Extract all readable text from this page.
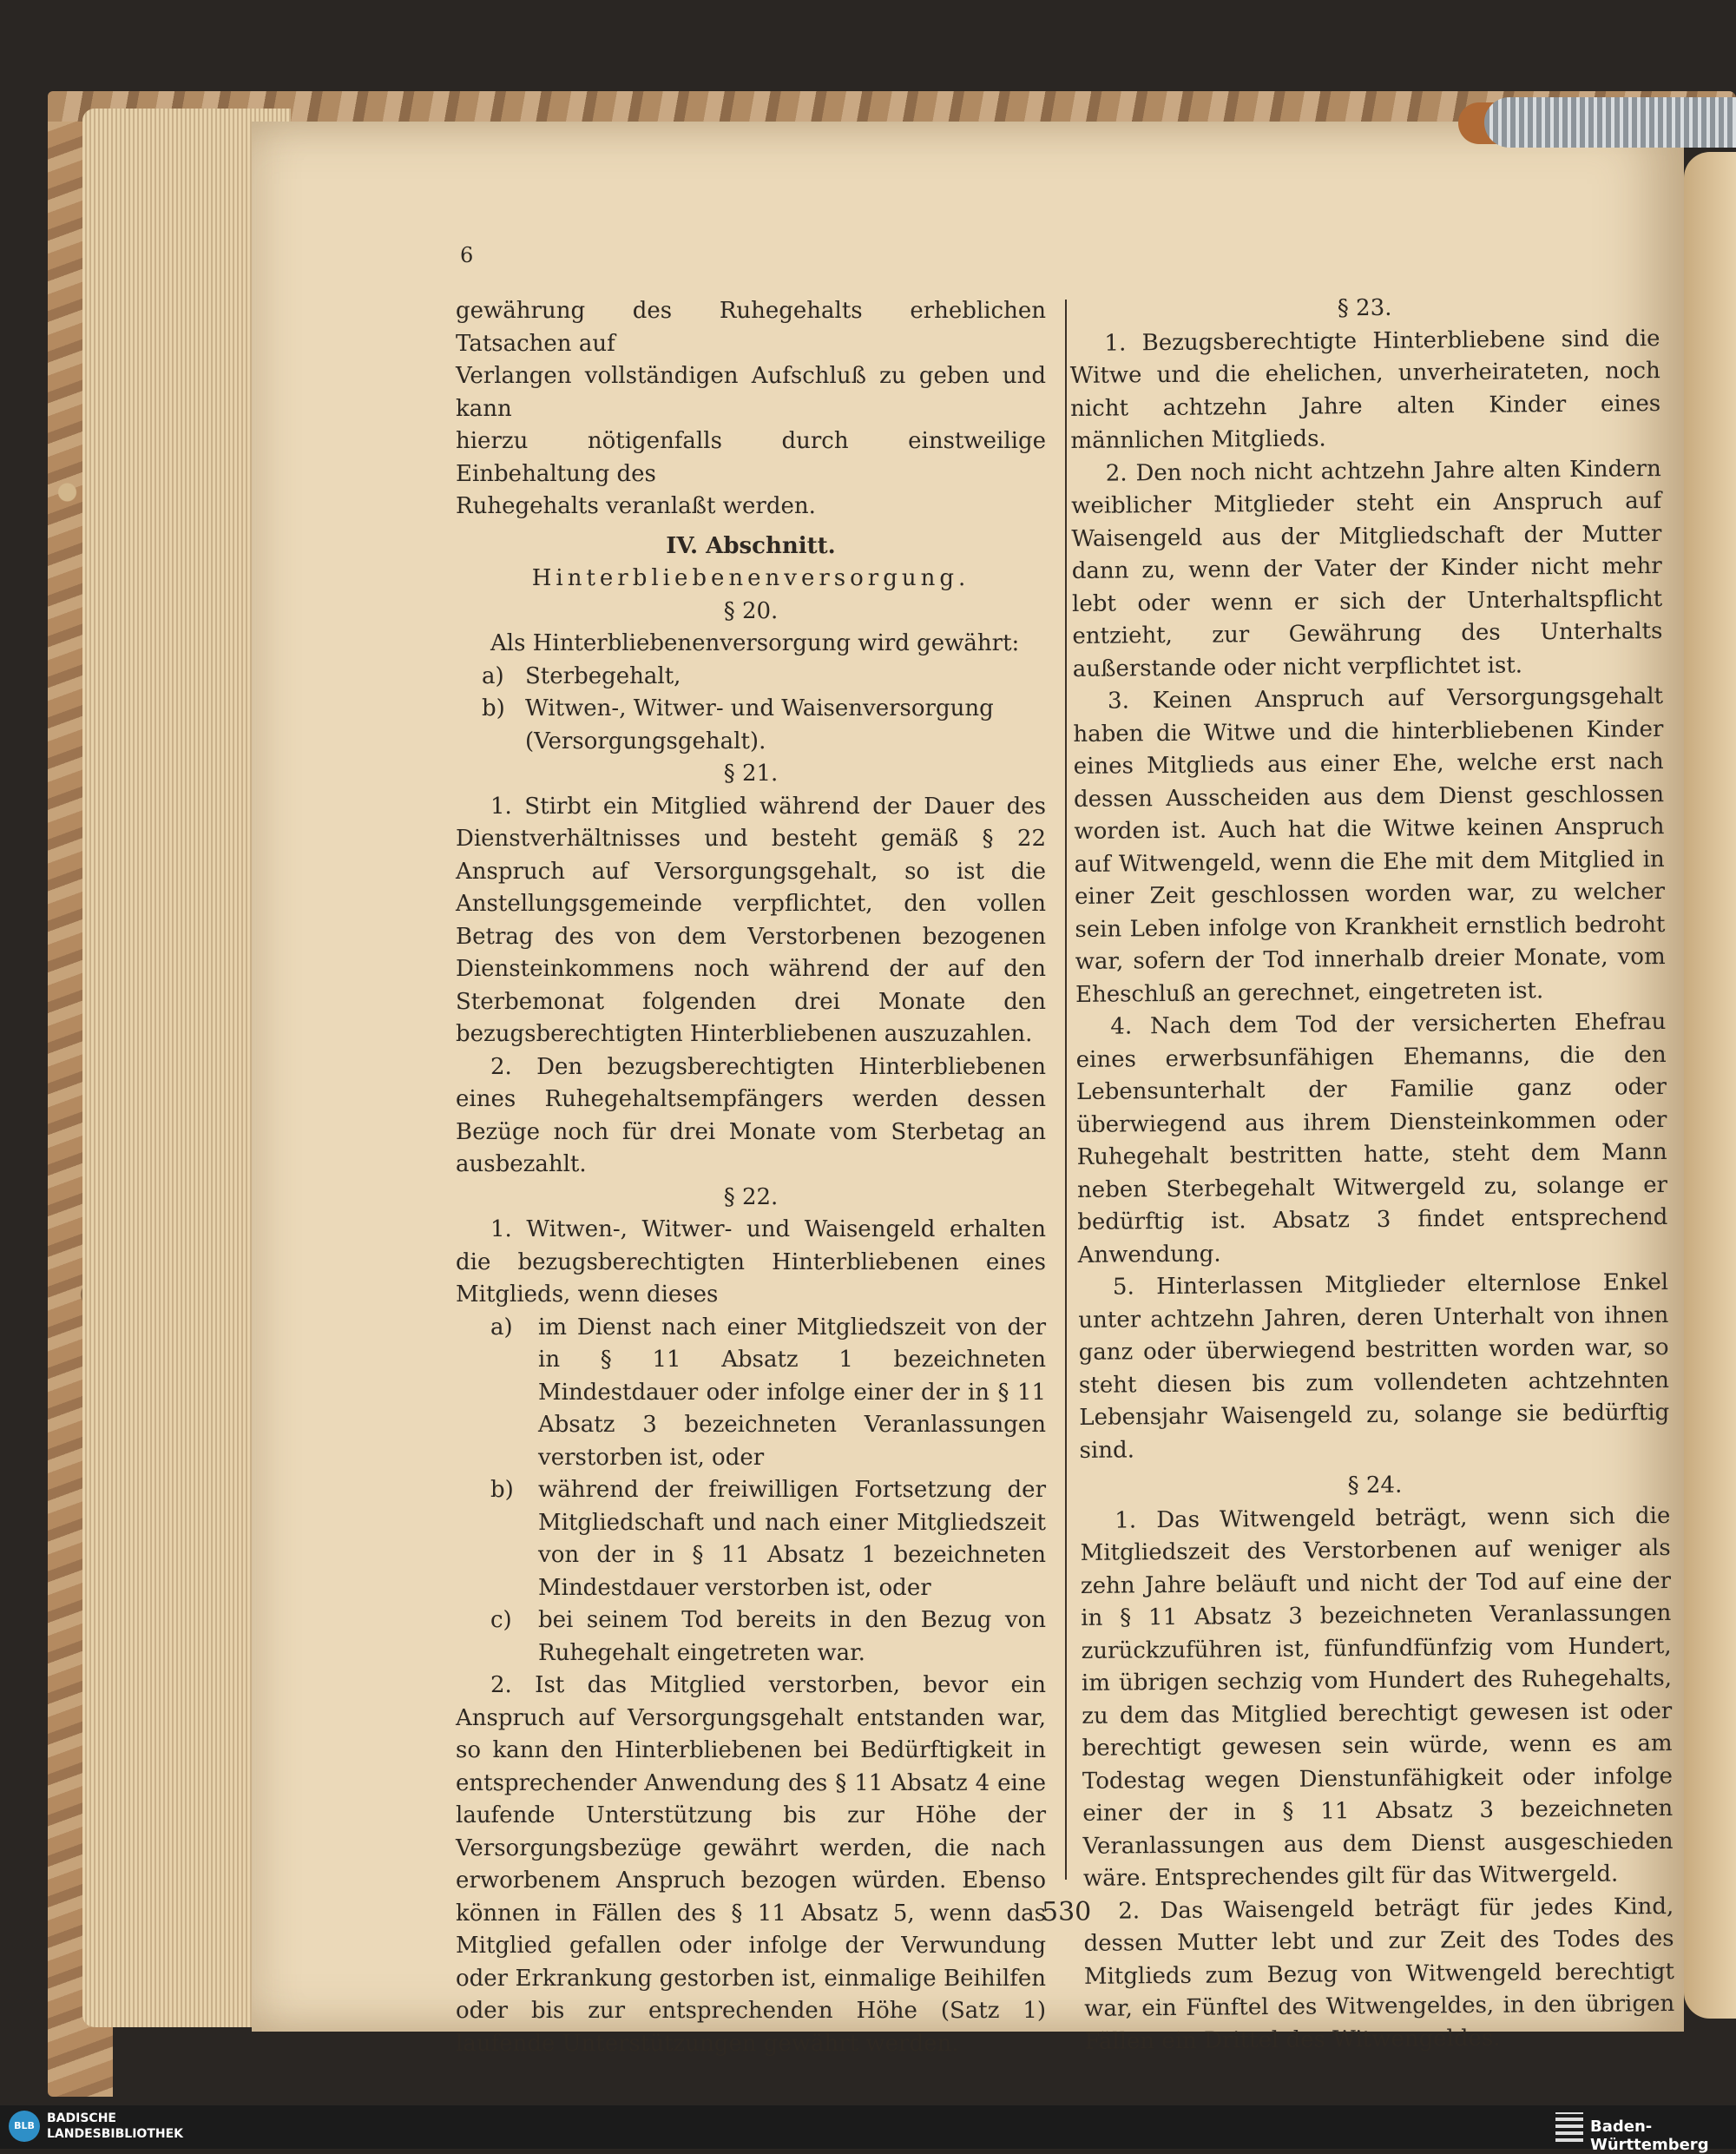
6

gewährung des Ruhegehalts erheblichen Tatsachen auf

Verlangen vollständigen Aufschluß zu geben und kann

hierzu nötigenfalls durch einstweilige Einbehaltung des

Ruhegehalts veranlaßt werden.

IV. Abschnitt.

Hinterbliebenenversorgung.

§ 20.

Als Hinterbliebenenversorgung wird gewährt:

a) Sterbegehalt,
b) Witwen-, Witwer- und Waisenversorgung (Versorgungsgehalt).

§ 21.

1. Stirbt ein Mitglied während der Dauer des Dienstverhältnisses und besteht gemäß § 22 Anspruch auf Versorgungsgehalt, so ist die Anstellungsgemeinde verpflichtet, den vollen Betrag des von dem Verstorbenen bezogenen Diensteinkommens noch während der auf den Sterbemonat folgenden drei Monate den bezugsberechtigten Hinterbliebenen auszuzahlen.

2. Den bezugsberechtigten Hinterbliebenen eines Ruhegehaltsempfängers werden dessen Bezüge noch für drei Monate vom Sterbetag an ausbezahlt.

§ 22.

1. Witwen-, Witwer- und Waisengeld erhalten die bezugsberechtigten Hinterbliebenen eines Mitglieds, wenn dieses

a)	im Dienst nach einer Mitgliedszeit von der in § 11 Absatz 1 bezeichneten Mindestdauer oder infolge einer der in § 11 Absatz 3 bezeichneten Veranlassungen verstorben ist, oder
b)	während der freiwilligen Fortsetzung der Mitgliedschaft und nach einer Mitgliedszeit von der in § 11 Absatz 1 bezeichneten Mindestdauer verstorben ist, oder
c)	bei seinem Tod bereits in den Bezug von Ruhegehalt eingetreten war.

2. Ist das Mitglied verstorben, bevor ein Anspruch auf Versorgungsgehalt entstanden war, so kann den Hinterbliebenen bei Bedürftigkeit in entsprechender Anwendung des § 11 Absatz 4 eine laufende Unterstützung bis zur Höhe der Versorgungsbezüge gewährt werden, die nach erworbenem Anspruch bezogen würden. Ebenso können in Fällen des § 11 Absatz 5, wenn das Mitglied gefallen oder infolge der Verwundung oder Erkrankung gestorben ist, einmalige Beihilfen oder bis zur entsprechenden Höhe (Satz 1) laufende Unterstützungen gewährt werden.

§ 23.

1. Bezugsberechtigte Hinterbliebene sind die Witwe und die ehelichen, unverheirateten, noch nicht achtzehn Jahre alten Kinder eines männlichen Mitglieds.

2. Den noch nicht achtzehn Jahre alten Kindern weiblicher Mitglieder steht ein Anspruch auf Waisengeld aus der Mitgliedschaft der Mutter dann zu, wenn der Vater der Kinder nicht mehr lebt oder wenn er sich der Unterhaltspflicht entzieht, zur Gewährung des Unterhalts außerstande oder nicht verpflichtet ist.

3. Keinen Anspruch auf Versorgungsgehalt haben die Witwe und die hinterbliebenen Kinder eines Mitglieds aus einer Ehe, welche erst nach dessen Ausscheiden aus dem Dienst geschlossen worden ist. Auch hat die Witwe keinen Anspruch auf Witwengeld, wenn die Ehe mit dem Mitglied in einer Zeit geschlossen worden war, zu welcher sein Leben infolge von Krankheit ernstlich bedroht war, sofern der Tod innerhalb dreier Monate, vom Eheschluß an gerechnet, eingetreten ist.

4. Nach dem Tod der versicherten Ehefrau eines erwerbsunfähigen Ehemanns, die den Lebensunterhalt der Familie ganz oder überwiegend aus ihrem Diensteinkommen oder Ruhegehalt bestritten hatte, steht dem Mann neben Sterbegehalt Witwergeld zu, solange er bedürftig ist. Absatz 3 findet entsprechend Anwendung.

5. Hinterlassen Mitglieder elternlose Enkel unter achtzehn Jahren, deren Unterhalt von ihnen ganz oder überwiegend bestritten worden war, so steht diesen bis zum vollendeten achtzehnten Lebensjahr Waisengeld zu, solange sie bedürftig sind.

§ 24.

1. Das Witwengeld beträgt, wenn sich die Mitgliedszeit des Verstorbenen auf weniger als zehn Jahre beläuft und nicht der Tod auf eine der in § 11 Absatz 3 bezeichneten Veranlassungen zurückzuführen ist, fünfundfünfzig vom Hundert, im übrigen sechzig vom Hundert des Ruhegehalts, zu dem das Mitglied berechtigt gewesen ist oder berechtigt gewesen sein würde, wenn es am Todestag wegen Dienstunfähigkeit oder infolge einer der in § 11 Absatz 3 bezeichneten Veranlassungen aus dem Dienst ausgeschieden wäre. Entsprechendes gilt für das Witwergeld.

2. Das Waisengeld beträgt für jedes Kind, dessen Mutter lebt und zur Zeit des Todes des Mitglieds zum Bezug von Witwengeld berechtigt war, ein Fünftel des Witwengeldes, in den übrigen Fällen ein Drittel des Witwengeldes.

530
BLB
BADISCHE
LANDESBIBLIOTHEK	Baden-Württemberg
